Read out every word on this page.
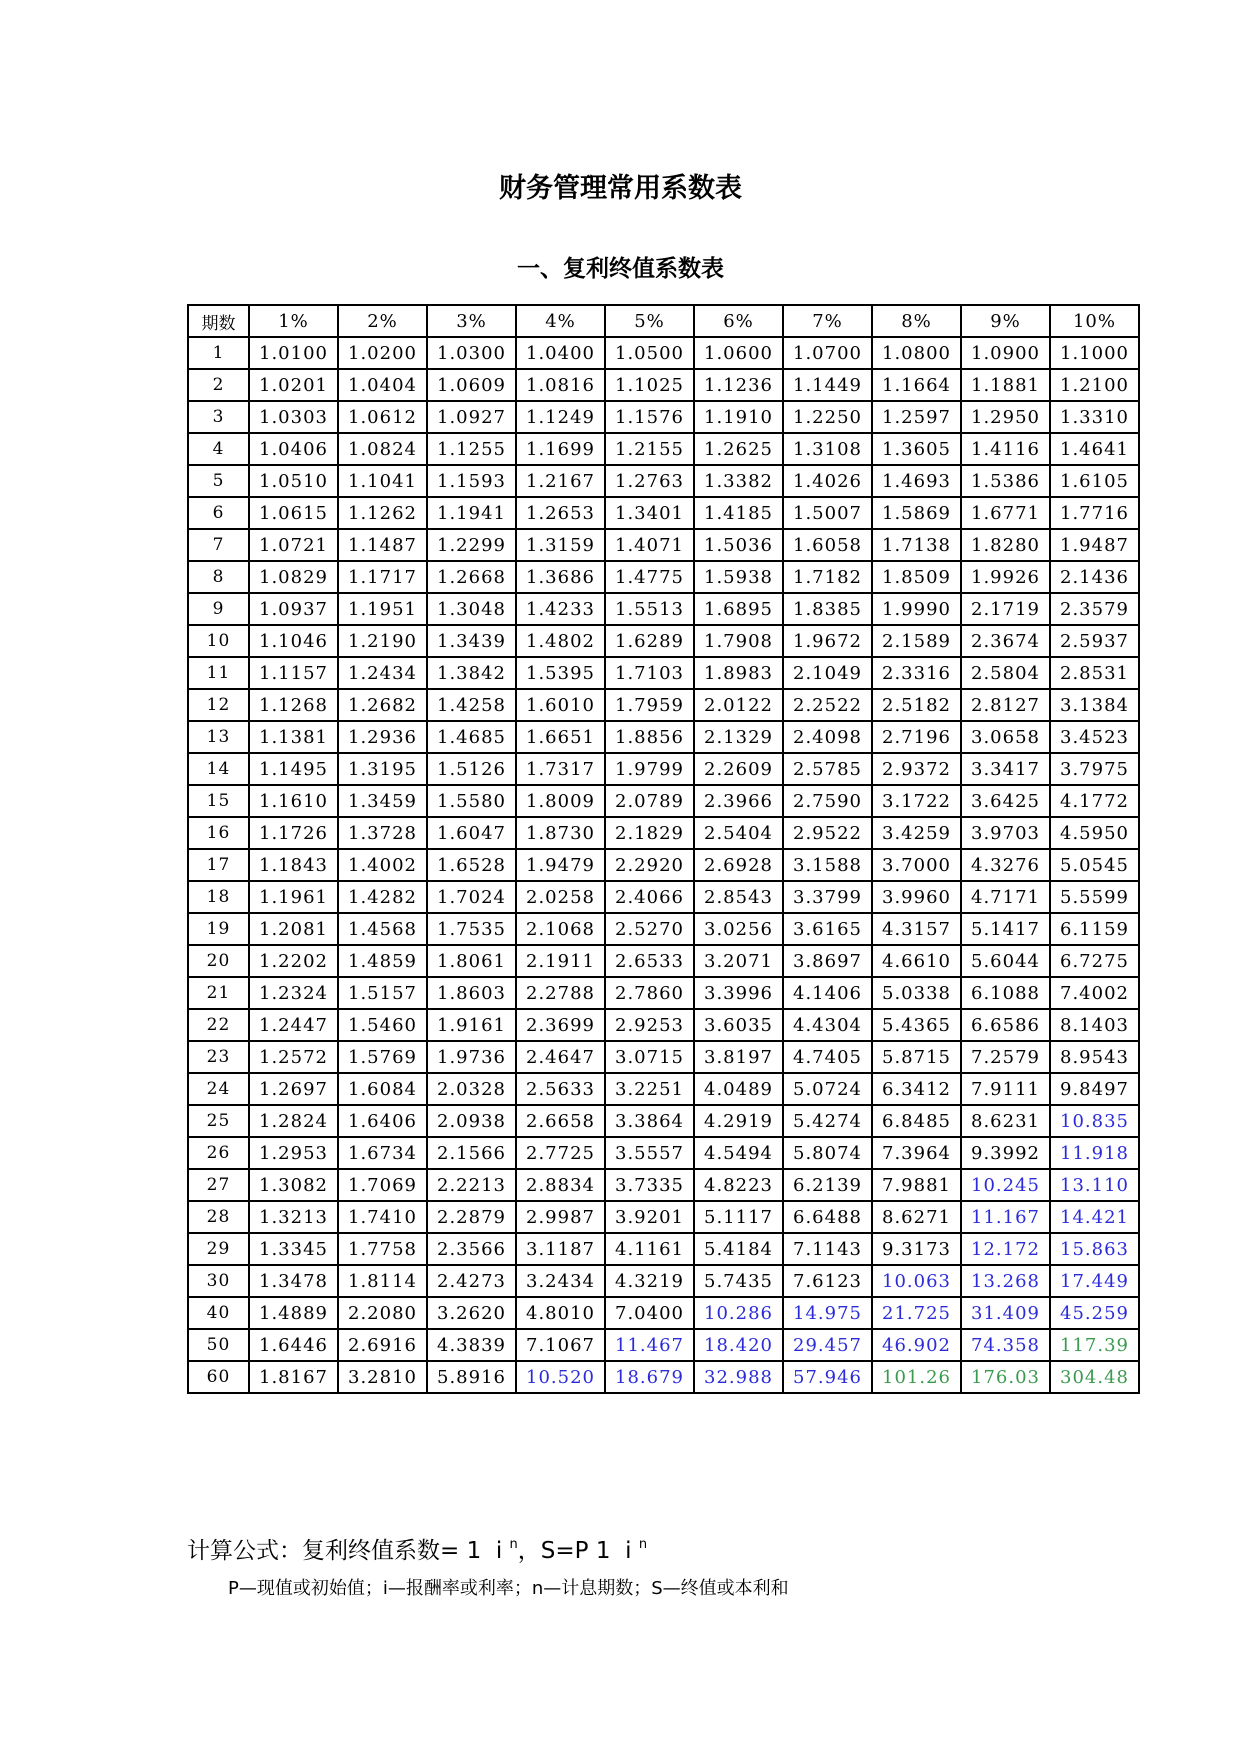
财务管理常用系数表
一、复利终值系数表
期数	1%	2%	3%	4%	5%	6%	7%	8%	9%	10%
1	1.0100	1.0200	1.0300	1.0400	1.0500	1.0600	1.0700	1.0800	1.0900	1.1000
2	1.0201	1.0404	1.0609	1.0816	1.1025	1.1236	1.1449	1.1664	1.1881	1.2100
3	1.0303	1.0612	1.0927	1.1249	1.1576	1.1910	1.2250	1.2597	1.2950	1.3310
4	1.0406	1.0824	1.1255	1.1699	1.2155	1.2625	1.3108	1.3605	1.4116	1.4641
5	1.0510	1.1041	1.1593	1.2167	1.2763	1.3382	1.4026	1.4693	1.5386	1.6105
6	1.0615	1.1262	1.1941	1.2653	1.3401	1.4185	1.5007	1.5869	1.6771	1.7716
7	1.0721	1.1487	1.2299	1.3159	1.4071	1.5036	1.6058	1.7138	1.8280	1.9487
8	1.0829	1.1717	1.2668	1.3686	1.4775	1.5938	1.7182	1.8509	1.9926	2.1436
9	1.0937	1.1951	1.3048	1.4233	1.5513	1.6895	1.8385	1.9990	2.1719	2.3579
10	1.1046	1.2190	1.3439	1.4802	1.6289	1.7908	1.9672	2.1589	2.3674	2.5937
11	1.1157	1.2434	1.3842	1.5395	1.7103	1.8983	2.1049	2.3316	2.5804	2.8531
12	1.1268	1.2682	1.4258	1.6010	1.7959	2.0122	2.2522	2.5182	2.8127	3.1384
13	1.1381	1.2936	1.4685	1.6651	1.8856	2.1329	2.4098	2.7196	3.0658	3.4523
14	1.1495	1.3195	1.5126	1.7317	1.9799	2.2609	2.5785	2.9372	3.3417	3.7975
15	1.1610	1.3459	1.5580	1.8009	2.0789	2.3966	2.7590	3.1722	3.6425	4.1772
16	1.1726	1.3728	1.6047	1.8730	2.1829	2.5404	2.9522	3.4259	3.9703	4.5950
17	1.1843	1.4002	1.6528	1.9479	2.2920	2.6928	3.1588	3.7000	4.3276	5.0545
18	1.1961	1.4282	1.7024	2.0258	2.4066	2.8543	3.3799	3.9960	4.7171	5.5599
19	1.2081	1.4568	1.7535	2.1068	2.5270	3.0256	3.6165	4.3157	5.1417	6.1159
20	1.2202	1.4859	1.8061	2.1911	2.6533	3.2071	3.8697	4.6610	5.6044	6.7275
21	1.2324	1.5157	1.8603	2.2788	2.7860	3.3996	4.1406	5.0338	6.1088	7.4002
22	1.2447	1.5460	1.9161	2.3699	2.9253	3.6035	4.4304	5.4365	6.6586	8.1403
23	1.2572	1.5769	1.9736	2.4647	3.0715	3.8197	4.7405	5.8715	7.2579	8.9543
24	1.2697	1.6084	2.0328	2.5633	3.2251	4.0489	5.0724	6.3412	7.9111	9.8497
25	1.2824	1.6406	2.0938	2.6658	3.3864	4.2919	5.4274	6.8485	8.6231	10.835
26	1.2953	1.6734	2.1566	2.7725	3.5557	4.5494	5.8074	7.3964	9.3992	11.918
27	1.3082	1.7069	2.2213	2.8834	3.7335	4.8223	6.2139	7.9881	10.245	13.110
28	1.3213	1.7410	2.2879	2.9987	3.9201	5.1117	6.6488	8.6271	11.167	14.421
29	1.3345	1.7758	2.3566	3.1187	4.1161	5.4184	7.1143	9.3173	12.172	15.863
30	1.3478	1.8114	2.4273	3.2434	4.3219	5.7435	7.6123	10.063	13.268	17.449
40	1.4889	2.2080	3.2620	4.8010	7.0400	10.286	14.975	21.725	31.409	45.259
50	1.6446	2.6916	4.3839	7.1067	11.467	18.420	29.457	46.902	74.358	117.39
60	1.8167	3.2810	5.8916	10.520	18.679	32.988	57.946	101.26	176.03	304.48
计算公式：复利终值系数= 1  i $^n$，S=P 1  i $^n$
P—现值或初始值；i—报酬率或利率；n—计息期数；S—终值或本利和
